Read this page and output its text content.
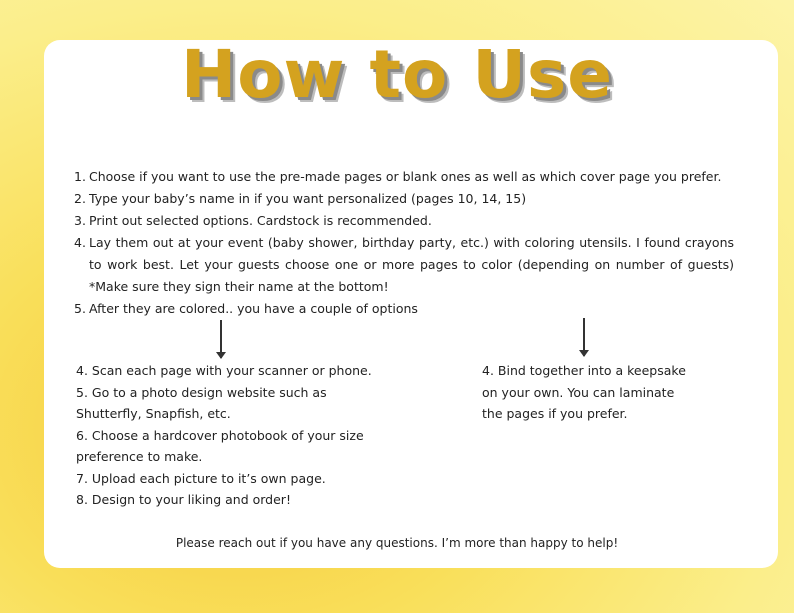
How to Use
1. Choose if you want to use the pre-made pages or blank ones as well as which cover page you prefer.
2. Type your baby’s name in if you want personalized (pages 10, 14, 15)
3. Print out selected options. Cardstock is recommended.
4. Lay them out at your event (baby shower, birthday party, etc.) with coloring utensils. I found crayons to work best. Let your guests choose one or more pages to color (depending on number of guests) *Make sure they sign their name at the bottom!
5. After they are colored.. you have a couple of options
4. Scan each page with your scanner or phone.
5. Go to a photo design website such as
Shutterfly, Snapfish, etc.
6. Choose a hardcover photobook of your size
preference to make.
7. Upload each picture to it’s own page.
8. Design to your liking and order!
4. Bind together into a keepsake
on your own. You can laminate
the pages if you prefer.
Please reach out if you have any questions. I’m more than happy to help!
